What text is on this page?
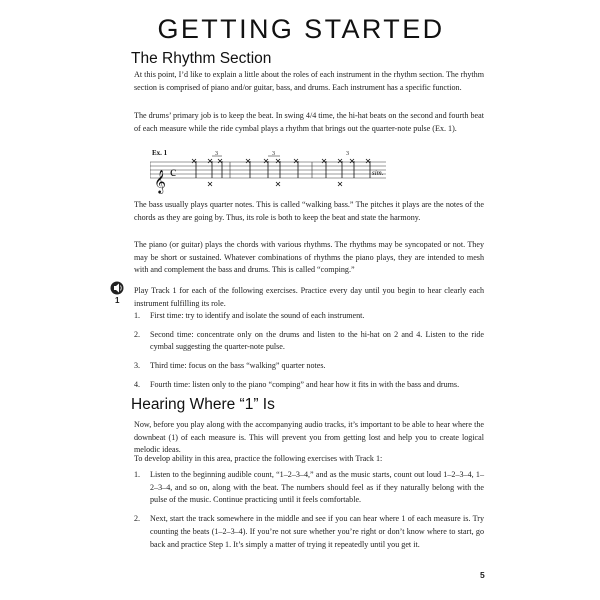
GETTING STARTED
The Rhythm Section

At this point, I’d like to explain a little about the roles of each instrument in the rhythm section. The rhythm section is comprised of piano and/or guitar, bass, and drums. Each instrument has a specific function.

The drums’ primary job is to keep the beat. In swing 4/4 time, the hi-hat beats on the second and fourth beat of each measure while the ride cymbal plays a rhythm that brings out the quarter-note pulse (Ex. 1).

Ex. 1
𝄞 c
3	3	3
sim.

The bass usually plays quarter notes. This is called “walking bass.” The pitches it plays are the notes of the chords as they are going by. Thus, its role is both to keep the beat and state the harmony.

The piano (or guitar) plays the chords with various rhythms. The rhythms may be syncopated or not. They may be short or sustained. Whatever combinations of rhythms the piano plays, they are intended to mesh with and complement the bass and drums. This is called “comping.”

1

Play Track 1 for each of the following exercises. Practice every day until you begin to hear clearly each instrument fulfilling its role.

1. First time: try to identify and isolate the sound of each instrument.
2. Second time: concentrate only on the drums and listen to the hi-hat on 2 and 4. Listen to the ride cymbal suggesting the quarter-note pulse.
3. Third time: focus on the bass “walking” quarter notes.
4. Fourth time: listen only to the piano “comping” and hear how it fits in with the bass and drums.
Hearing Where “1” Is

Now, before you play along with the accompanying audio tracks, it’s important to be able to hear where the downbeat (1) of each measure is. This will prevent you from getting lost and help you to create logical melodic ideas.

To develop ability in this area, practice the following exercises with Track 1:

1. Listen to the beginning audible count, “1–2–3–4,” and as the music starts, count out loud 1–2–3–4, 1–2–3–4, and so on, along with the beat. The numbers should feel as if they naturally belong with the pulse of the music. Continue practicing until it feels comfortable.
2. Next, start the track somewhere in the middle and see if you can hear where 1 of each measure is. Try counting the beats (1–2–3–4). If you’re not sure whether you’re right or don’t know where to start, go back and practice Step 1. It’s simply a matter of trying it repeatedly until you get it.
5
